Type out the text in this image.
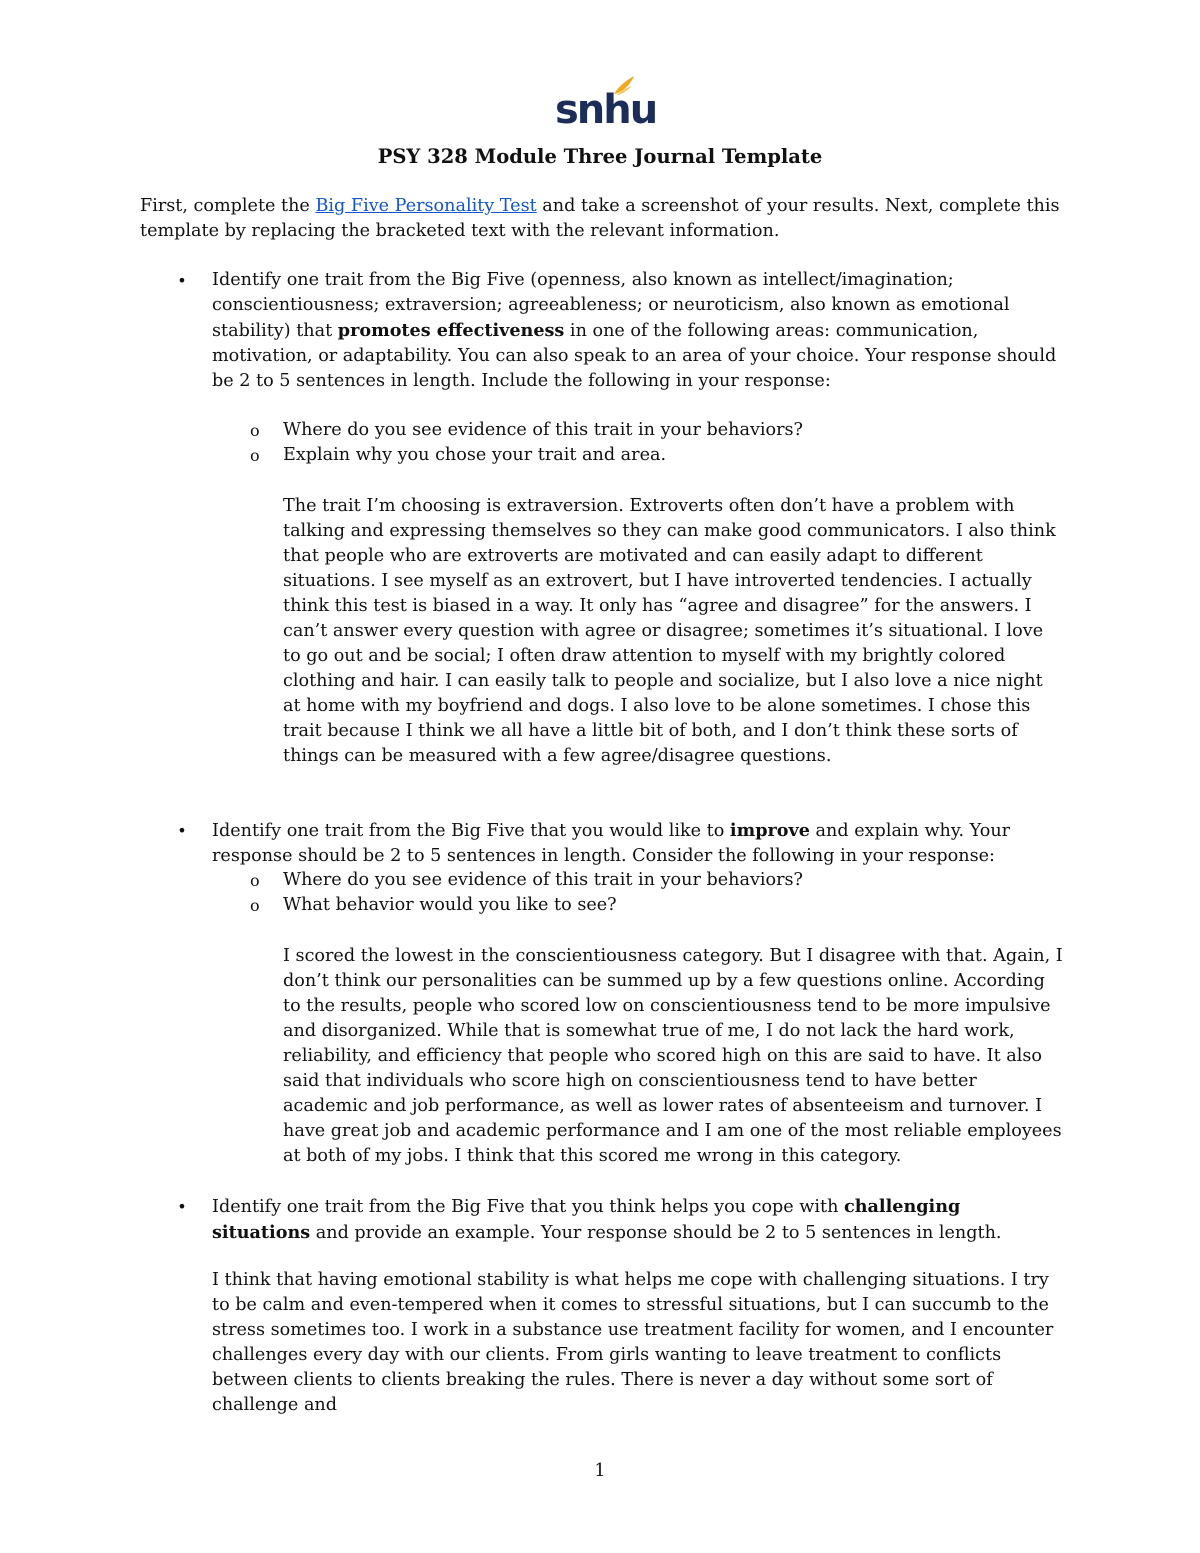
snhu
PSY 328 Module Three Journal Template

First, complete the Big Five Personality Test and take a screenshot of your results. Next, complete this template by replacing the bracketed text with the relevant information.

• Identify one trait from the Big Five (openness, also known as intellect/imagination; conscientiousness; extraversion; agreeableness; or neuroticism, also known as emotional stability) that promotes effectiveness in one of the following areas: communication, motivation, or adaptability. You can also speak to an area of your choice. Your response should be 2 to 5 sentences in length. Include the following in your response:

o Where do you see evidence of this trait in your behaviors?

o Explain why you chose your trait and area.

The trait I’m choosing is extraversion. Extroverts often don’t have a problem with talking and expressing themselves so they can make good communicators. I also think that people who are extroverts are motivated and can easily adapt to different situations. I see myself as an extrovert, but I have introverted tendencies. I actually think this test is biased in a way. It only has “agree and disagree” for the answers. I can’t answer every question with agree or disagree; sometimes it’s situational. I love to go out and be social; I often draw attention to myself with my brightly colored clothing and hair. I can easily talk to people and socialize, but I also love a nice night at home with my boyfriend and dogs. I also love to be alone sometimes. I chose this trait because I think we all have a little bit of both, and I don’t think these sorts of things can be measured with a few agree/disagree questions.

• Identify one trait from the Big Five that you would like to improve and explain why. Your response should be 2 to 5 sentences in length. Consider the following in your response:

o Where do you see evidence of this trait in your behaviors?

o What behavior would you like to see?

I scored the lowest in the conscientiousness category. But I disagree with that. Again, I don’t think our personalities can be summed up by a few questions online. According to the results, people who scored low on conscientiousness tend to be more impulsive and disorganized. While that is somewhat true of me, I do not lack the hard work, reliability, and efficiency that people who scored high on this are said to have. It also said that individuals who score high on conscientiousness tend to have better academic and job performance, as well as lower rates of absenteeism and turnover. I have great job and academic performance and I am one of the most reliable employees at both of my jobs. I think that this scored me wrong in this category.

• Identify one trait from the Big Five that you think helps you cope with challenging situations and provide an example. Your response should be 2 to 5 sentences in length.

I think that having emotional stability is what helps me cope with challenging situations. I try to be calm and even-tempered when it comes to stressful situations, but I can succumb to the stress sometimes too. I work in a substance use treatment facility for women, and I encounter challenges every day with our clients. From girls wanting to leave treatment to conflicts between clients to clients breaking the rules. There is never a day without some sort of challenge and

1
